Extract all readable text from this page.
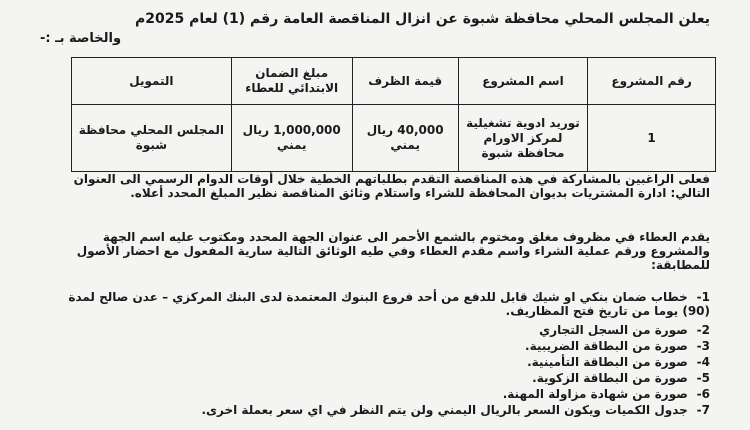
يعلن المجلس المحلي محافظة شبوة عن انزال المناقصة العامة رقم (1) لعام 2025م
والخاصة بـ :-
رقم المشروع	اسم المشروع	قيمة الظرف	مبلغ الضمان الابتدائي للعطاء	التمويل
1	توريد ادوية تشغيلية لمركز الاورام محافظة شبوة	40,000 ريال يمني	1,000,000 ريال يمني	المجلس المحلي محافظة شبوة
فعلى الراغبين بالمشاركة في هذه المناقصة التقدم بطلباتهم الخطية خلال أوقات الدوام الرسمي الى العنوان التالي: ادارة المشتريات بديوان المحافظة للشراء واستلام وثائق المناقصة نظير المبلغ المحدد أعلاه.
يقدم العطاء في مظروف مغلق ومختوم بالشمع الأحمر الى عنوان الجهة المحدد ومكتوب عليه اسم الجهة والمشروع ورقم عملية الشراء واسم مقدم العطاء وفي طيه الوثائق التالية سارية المفعول مع احضار الأصول للمطابقة:
1- خطاب ضمان بنكي او شيك قابل للدفع من أحد فروع البنوك المعتمدة لدى البنك المركزي – عدن صالح لمدة (90) يوما من تاريخ فتح المظاريف.
2- صورة من السجل التجاري
3- صورة من البطاقة الضريبية.
4- صورة من البطاقة التأمينية.
5- صورة من البطاقة الزكوية.
6- صورة من شهادة مزاولة المهنة.
7- جدول الكميات ويكون السعر بالريال اليمني ولن يتم النظر في اي سعر بعملة اخرى.
